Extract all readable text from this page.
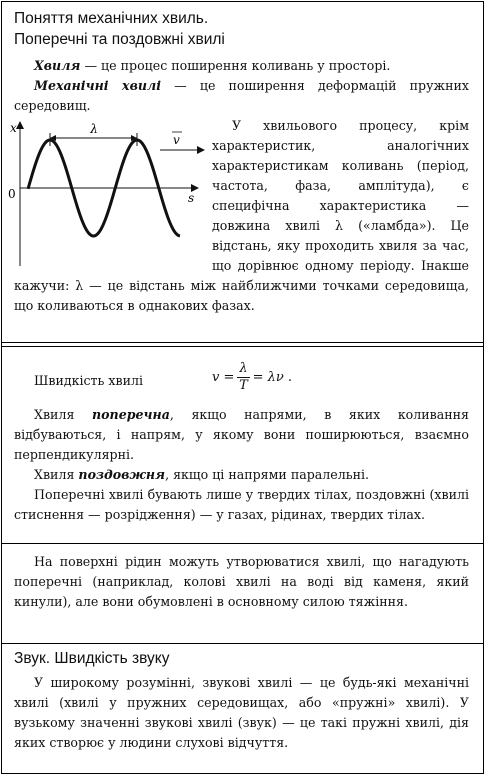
Поняття механічних хвиль.
Поперечні та поздовжні хвилі

Хвиля — це процес поширення коливань у просторі.

Механічні хвилі — це поширення деформацій пружних середовищ.

λ
v
x
s
0

У хвильового процесу, крім характеристик, аналогічних характеристикам коливань (період, частота, фаза, амплітуда), є специфічна характеристика — довжина хвилі λ («ламбда»). Це відстань, яку проходить хвиля за час, що дорівнює одному періоду. Інакше кажучи: λ — це відстань між найближчими точками середовища, що коливаються в однакових фазах.

Швидкість хвилі	$v = \frac{\lambda}{T} = \lambda\nu$ .

Хвиля поперечна, якщо напрями, в яких коливання відбуваються, і напрям, у якому вони поширюються, взаємно перпендикулярні.

Хвиля поздовжня, якщо ці напрями паралельні.

Поперечні хвилі бувають лише у твердих тілах, поздовжні (хвилі стиснення — розрідження) — у газах, рідинах, твердих тілах.

На поверхні рідин можуть утворюватися хвилі, що нагадують поперечні (наприклад, колові хвилі на воді від каменя, який кинули), але вони обумовлені в основному силою тяжіння.

Звук. Швидкість звуку

У широкому розумінні, звукові хвилі — це будь-які механічні хвилі (хвилі у пружних середовищах, або «пружні» хвилі). У вузькому значенні звукові хвилі (звук) — це такі пружні хвилі, дія яких створює у людини слухові відчуття.
